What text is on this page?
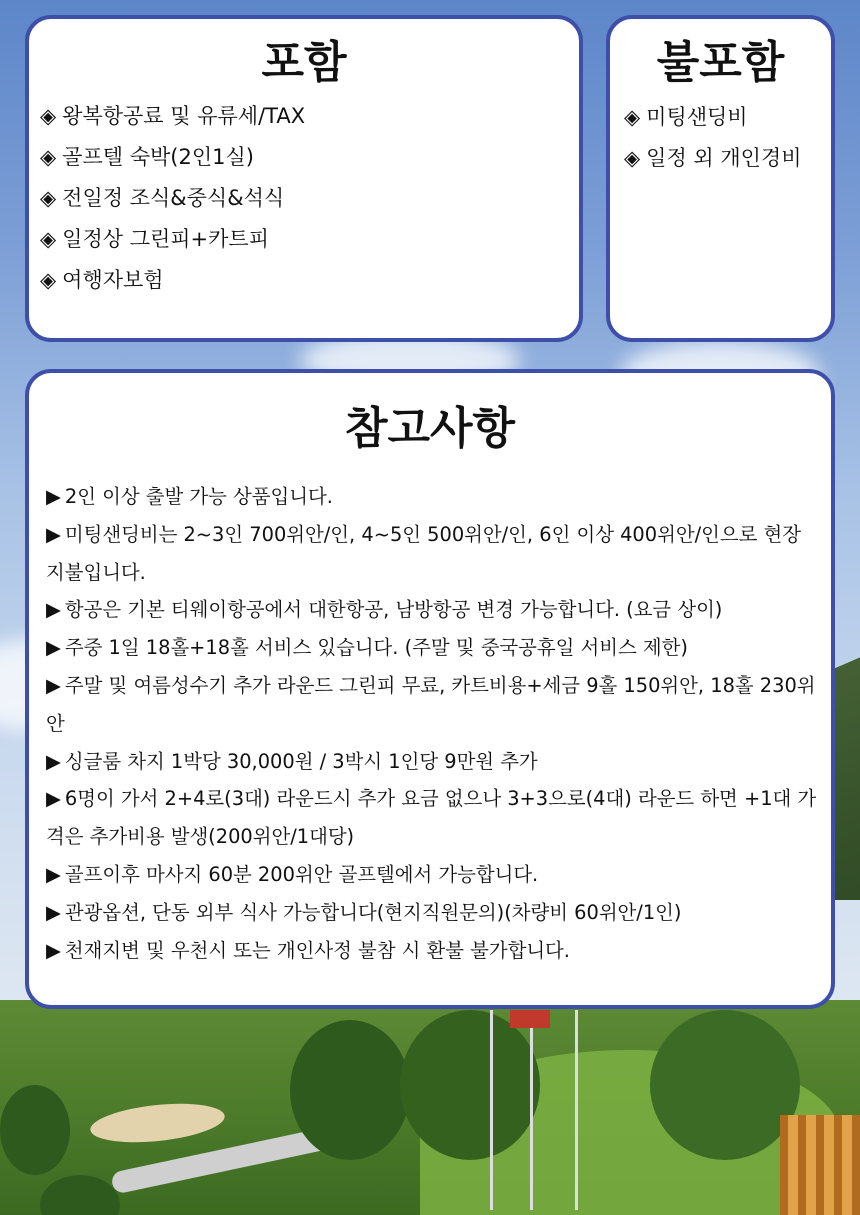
포함
◈ 왕복항공료 및 유류세/TAX
◈ 골프텔 숙박(2인1실)
◈ 전일정 조식&중식&석식
◈ 일정상 그린피+카트피
◈ 여행자보험
불포함
◈ 미팅샌딩비
◈ 일정 외 개인경비
참고사항
▶ 2인 이상 출발 가능 상품입니다.
▶ 미팅샌딩비는 2~3인 700위안/인, 4~5인 500위안/인, 6인 이상 400위안/인으로 현장지불입니다.
▶ 항공은 기본 티웨이항공에서 대한항공, 남방항공 변경 가능합니다. (요금 상이)
▶ 주중 1일 18홀+18홀 서비스 있습니다. (주말 및 중국공휴일 서비스 제한)
▶ 주말 및 여름성수기 추가 라운드 그린피 무료, 카트비용+세금 9홀 150위안, 18홀 230위안
▶ 싱글룸 차지 1박당 30,000원 / 3박시 1인당 9만원 추가
▶ 6명이 가서 2+4로(3대) 라운드시 추가 요금 없으나 3+3으로(4대) 라운드 하면 +1대 가격은 추가비용 발생(200위안/1대당)
▶ 골프이후 마사지 60분 200위안 골프텔에서 가능합니다.
▶ 관광옵션, 단동 외부 식사 가능합니다(현지직원문의)(차량비 60위안/1인)
▶ 천재지변 및 우천시 또는 개인사정 불참 시 환불 불가합니다.
